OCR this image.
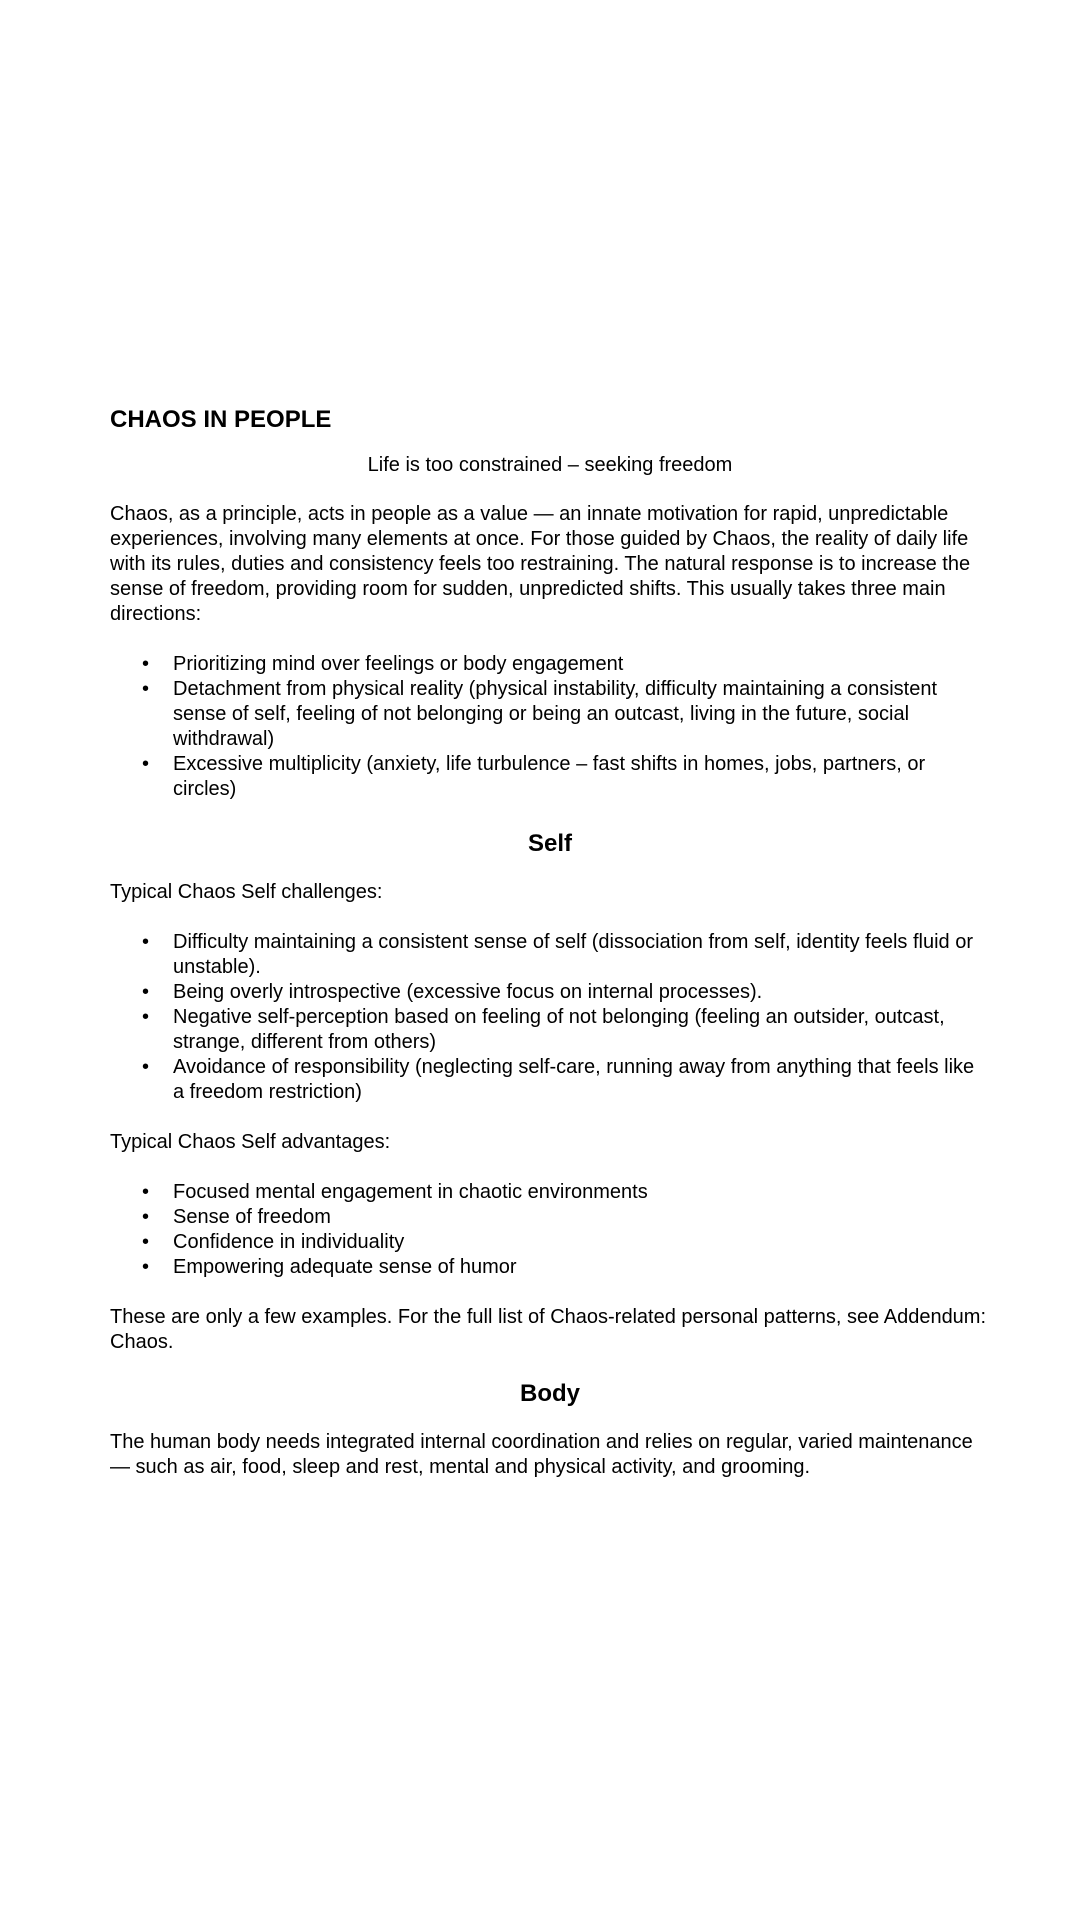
CHAOS IN PEOPLE

Life is too constrained – seeking freedom

Chaos, as a principle, acts in people as a value — an innate motivation for rapid, unpredictable experiences, involving many elements at once. For those guided by Chaos, the reality of daily life with its rules, duties and consistency feels too restraining. The natural response is to increase the sense of freedom, providing room for sudden, unpredicted shifts. This usually takes three main directions:

• Prioritizing mind over feelings or body engagement
• Detachment from physical reality (physical instability, difficulty maintaining a consistent sense of self, feeling of not belonging or being an outcast, living in the future, social withdrawal)
• Excessive multiplicity (anxiety, life turbulence – fast shifts in homes, jobs, partners, or circles)
Self

Typical Chaos Self challenges:

• Difficulty maintaining a consistent sense of self (dissociation from self, identity feels fluid or unstable).
• Being overly introspective (excessive focus on internal processes).
• Negative self-perception based on feeling of not belonging (feeling an outsider, outcast, strange, different from others)
• Avoidance of responsibility (neglecting self-care, running away from anything that feels like a freedom restriction)

Typical Chaos Self advantages:

• Focused mental engagement in chaotic environments
• Sense of freedom
• Confidence in individuality
• Empowering adequate sense of humor

These are only a few examples. For the full list of Chaos-related personal patterns, see Addendum: Chaos.

Body

The human body needs integrated internal coordination and relies on regular, varied maintenance — such as air, food, sleep and rest, mental and physical activity, and grooming.
